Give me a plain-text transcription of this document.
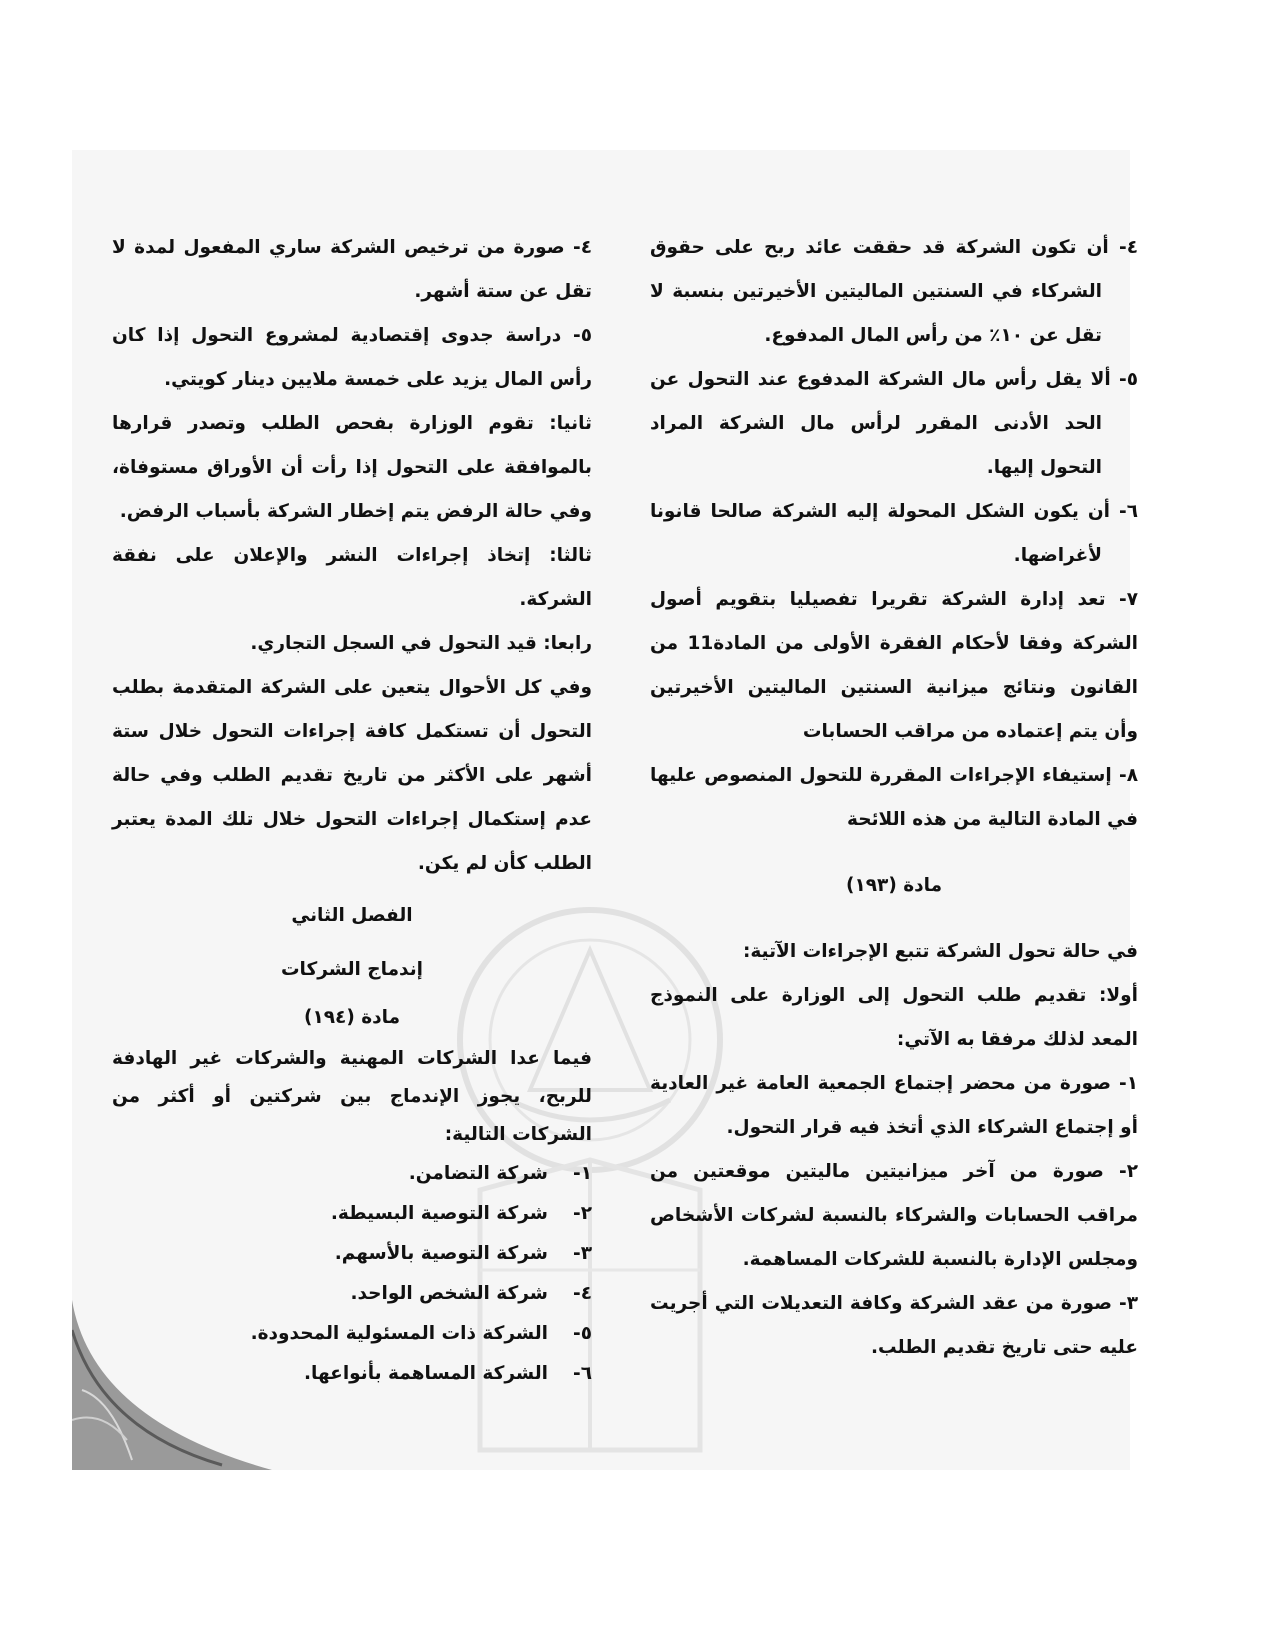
٤- أن تكون الشركة قد حققت عائد ربح على حقوق الشركاء في السنتين الماليتين الأخيرتين بنسبة لا تقل عن ١٠٪ من رأس المال المدفوع.

٥- ألا يقل رأس مال الشركة المدفوع عند التحول عن الحد الأدنى المقرر لرأس مال الشركة المراد التحول إليها.

٦- أن يكون الشكل المحولة إليه الشركة صالحا قانونا لأغراضها.

٧- تعد إدارة الشركة تقريرا تفصيليا بتقويم أصول الشركة وفقا لأحكام الفقرة الأولى من المادة11 من القانون ونتائج ميزانية السنتين الماليتين الأخيرتين وأن يتم إعتماده من مراقب الحسابات

٨- إستيفاء الإجراءات المقررة للتحول المنصوص عليها في المادة التالية من هذه اللائحة

مادة (١٩٣)

في حالة تحول الشركة تتبع الإجراءات الآتية:

أولا: تقديم طلب التحول إلى الوزارة على النموذج المعد لذلك مرفقا به الآتي:

١- صورة من محضر إجتماع الجمعية العامة غير العادية أو إجتماع الشركاء الذي أتخذ فيه قرار التحول.

٢- صورة من آخر ميزانيتين ماليتين موقعتين من مراقب الحسابات والشركاء بالنسبة لشركات الأشخاص ومجلس الإدارة بالنسبة للشركات المساهمة.

٣- صورة من عقد الشركة وكافة التعديلات التي أجريت عليه حتى تاريخ تقديم الطلب.

٤- صورة من ترخيص الشركة ساري المفعول لمدة لا تقل عن ستة أشهر.

٥- دراسة جدوى إقتصادية لمشروع التحول إذا كان رأس المال يزيد على خمسة ملايين دينار كويتي.

ثانيا: تقوم الوزارة بفحص الطلب وتصدر قرارها بالموافقة على التحول إذا رأت أن الأوراق مستوفاة، وفي حالة الرفض يتم إخطار الشركة بأسباب الرفض.

ثالثا: إتخاذ إجراءات النشر والإعلان على نفقة الشركة.

رابعا: قيد التحول في السجل التجاري.

وفي كل الأحوال يتعين على الشركة المتقدمة بطلب التحول أن تستكمل كافة إجراءات التحول خلال ستة أشهر على الأكثر من تاريخ تقديم الطلب وفي حالة عدم إستكمال إجراءات التحول خلال تلك المدة يعتبر الطلب كأن لم يكن.

الفصل الثاني

إندماج الشركات

مادة (١٩٤)

فيما عدا الشركات المهنية والشركات غير الهادفة للربح، يجوز الإندماج بين شركتين أو أكثر من الشركات التالية:

١-شركة التضامن.

٢-شركة التوصية البسيطة.

٣-شركة التوصية بالأسهم.

٤-شركة الشخص الواحد.

٥-الشركة ذات المسئولية المحدودة.

٦-الشركة المساهمة بأنواعها.
